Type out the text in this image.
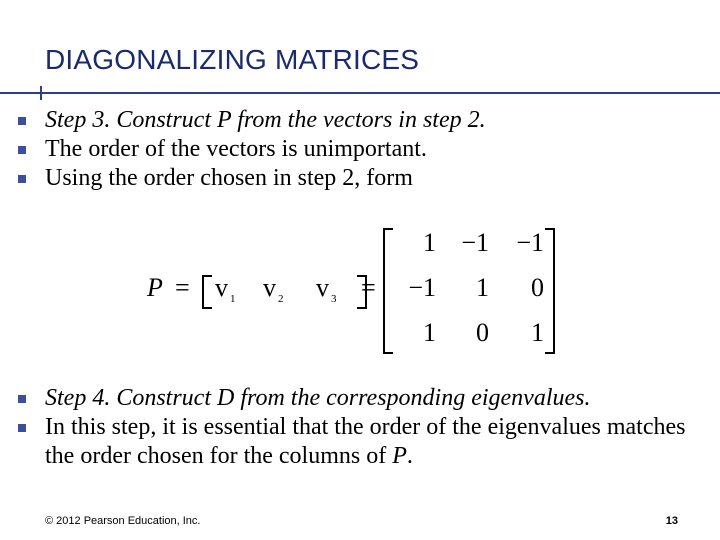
DIAGONALIZING MATRICES
Step 3. Construct P from the vectors in step 2.
The order of the vectors is unimportant.
Using the order chosen in step 2, form
P = v $_1$ v $_2$ v $_3$ =
1 −1	−1
−1	1	0
1	0	1
Step 4. Construct D from the corresponding eigenvalues.
In this step, it is essential that the order of the eigenvalues matches the order chosen for the columns of P.
© 2012 Pearson Education, Inc.	13
